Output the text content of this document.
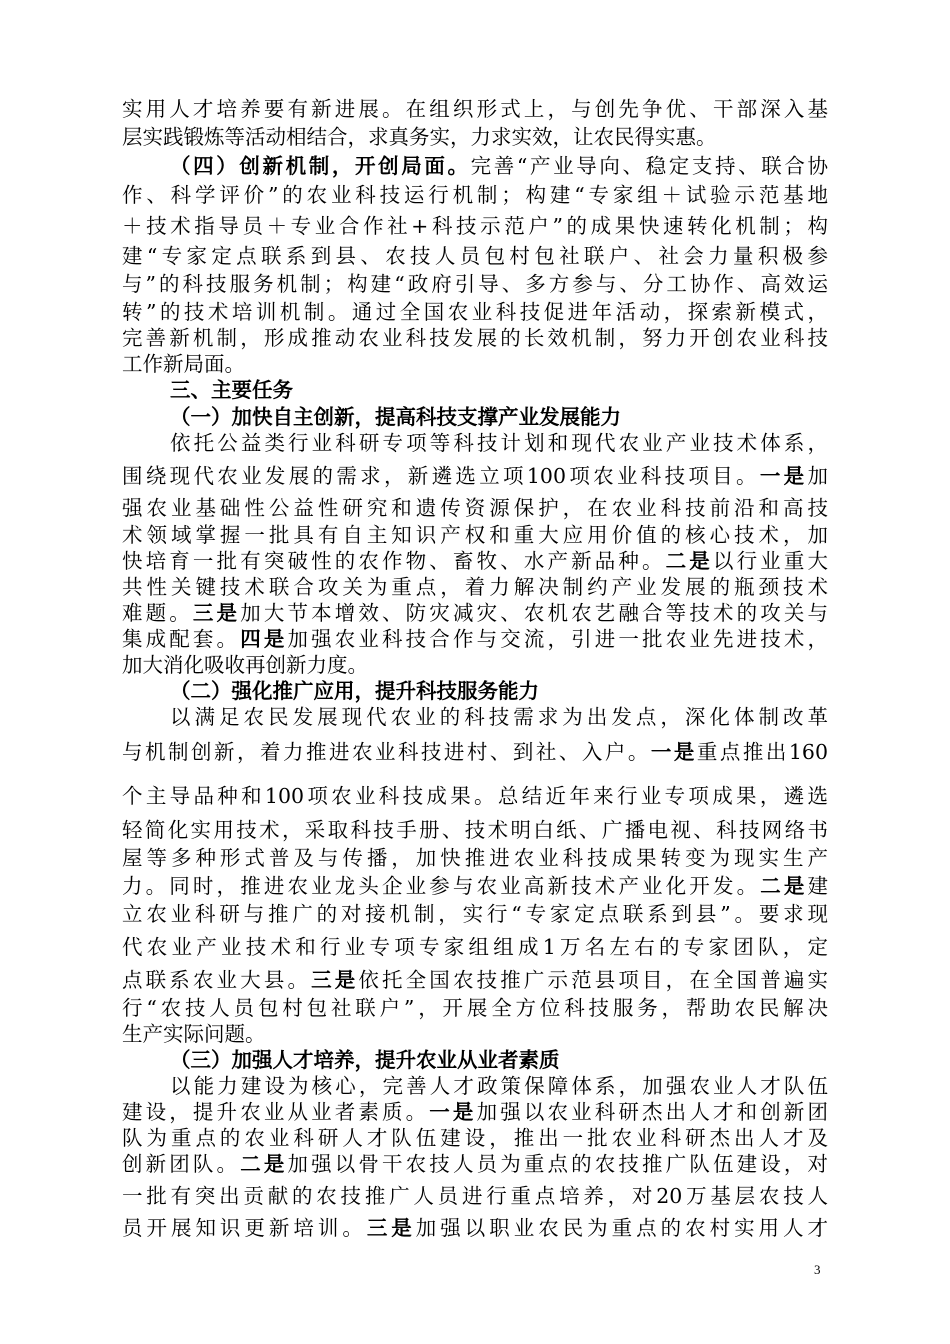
实用人才培养要有新进展。在组织形式上，与创先争优、干部深入基
层实践锻炼等活动相结合，求真务实，力求实效，让农民得实惠。
（四）创新机制，开创局面。完善“产业导向、稳定支持、联合协
作、科学评价”的农业科技运行机制；构建“专家组＋试验示范基地
＋技术指导员＋专业合作社+科技示范户”的成果快速转化机制；构
建“专家定点联系到县、农技人员包村包社联户、社会力量积极参
与”的科技服务机制；构建“政府引导、多方参与、分工协作、高效运
转”的技术培训机制。通过全国农业科技促进年活动，探索新模式，
完善新机制，形成推动农业科技发展的长效机制，努力开创农业科技
工作新局面。
三、主要任务
（一）加快自主创新，提高科技支撑产业发展能力
依托公益类行业科研专项等科技计划和现代农业产业技术体系，
围绕现代农业发展的需求，新遴选立项100项农业科技项目。一是加
强农业基础性公益性研究和遗传资源保护，在农业科技前沿和高技
术领域掌握一批具有自主知识产权和重大应用价值的核心技术，加
快培育一批有突破性的农作物、畜牧、水产新品种。二是以行业重大
共性关键技术联合攻关为重点，着力解决制约产业发展的瓶颈技术
难题。三是加大节本增效、防灾减灾、农机农艺融合等技术的攻关与
集成配套。四是加强农业科技合作与交流，引进一批农业先进技术，
加大消化吸收再创新力度。
（二）强化推广应用，提升科技服务能力
以满足农民发展现代农业的科技需求为出发点，深化体制改革
与机制创新，着力推进农业科技进村、到社、入户。一是重点推出160
个主导品种和100项农业科技成果。总结近年来行业专项成果，遴选
轻简化实用技术，采取科技手册、技术明白纸、广播电视、科技网络书
屋等多种形式普及与传播，加快推进农业科技成果转变为现实生产
力。同时，推进农业龙头企业参与农业高新技术产业化开发。二是建
立农业科研与推广的对接机制，实行“专家定点联系到县”。要求现
代农业产业技术和行业专项专家组组成1万名左右的专家团队，定
点联系农业大县。三是依托全国农技推广示范县项目，在全国普遍实
行“农技人员包村包社联户”，开展全方位科技服务，帮助农民解决
生产实际问题。
（三）加强人才培养，提升农业从业者素质
以能力建设为核心，完善人才政策保障体系，加强农业人才队伍
建设，提升农业从业者素质。一是加强以农业科研杰出人才和创新团
队为重点的农业科研人才队伍建设，推出一批农业科研杰出人才及
创新团队。二是加强以骨干农技人员为重点的农技推广队伍建设，对
一批有突出贡献的农技推广人员进行重点培养，对20万基层农技人
员开展知识更新培训。三是加强以职业农民为重点的农村实用人才
3
